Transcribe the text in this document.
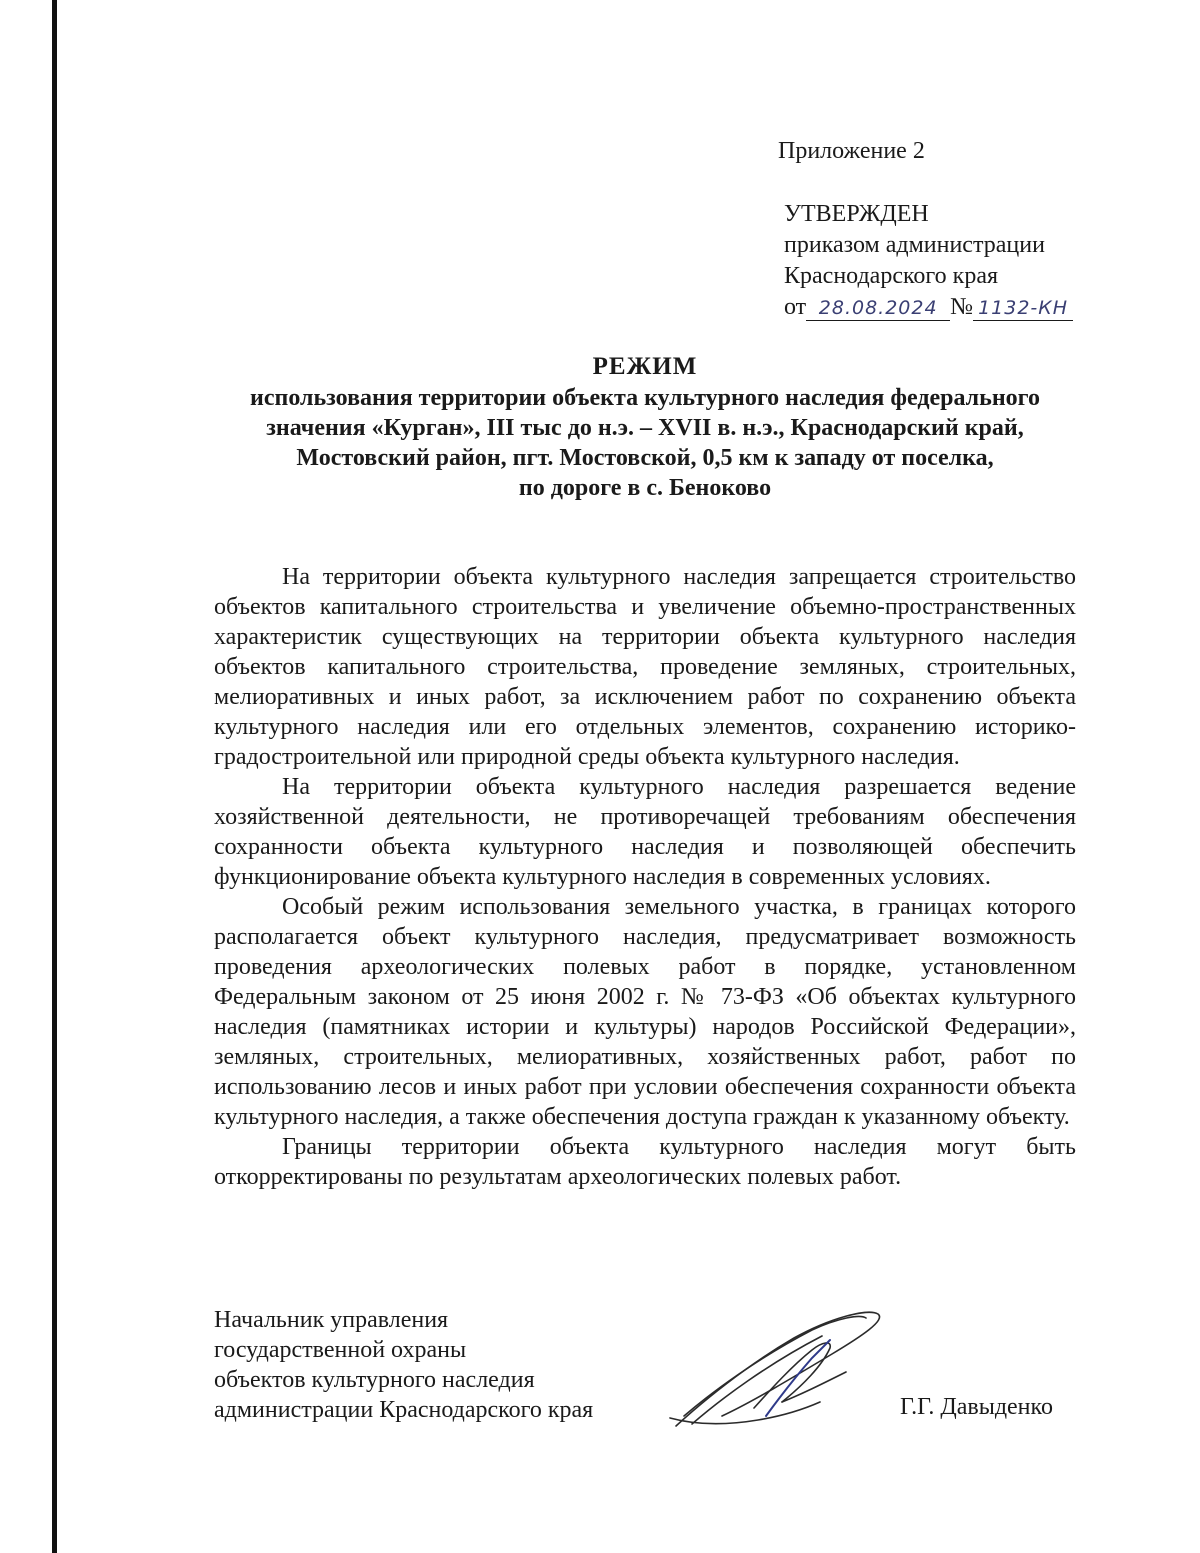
Приложение 2
УТВЕРЖДЕН
приказом администрации
Краснодарского края
от 28.08.2024 № 1132-КН
РЕЖИМ
использования территории объекта культурного наследия федерального
значения «Курган», III тыс до н.э. – XVII в. н.э., Краснодарский край,
Мостовский район, пгт. Мостовской, 0,5 км к западу от поселка,
по дороге в с. Беноково

На территории объекта культурного наследия запрещается строительство объектов капитального строительства и увеличение объемно-пространственных характеристик существующих на территории объекта культурного наследия объектов капитального строительства, проведение земляных, строительных, мелиоративных и иных работ, за исключением работ по сохранению объекта культурного наследия или его отдельных элементов, сохранению историко-градостроительной или природной среды объекта культурного наследия.

На территории объекта культурного наследия разрешается ведение хозяйственной деятельности, не противоречащей требованиям обеспечения сохранности объекта культурного наследия и позволяющей обеспечить функционирование объекта культурного наследия в современных условиях.

Особый режим использования земельного участка, в границах которого располагается объект культурного наследия, предусматривает возможность проведения археологических полевых работ в порядке, установленном Федеральным законом от 25 июня 2002 г. № 73-ФЗ «Об объектах культурного наследия (памятниках истории и культуры) народов Российской Федерации», земляных, строительных, мелиоративных, хозяйственных работ, работ по использованию лесов и иных работ при условии обеспечения сохранности объекта культурного наследия, а также обеспечения доступа граждан к указанному объекту.

Границы территории объекта культурного наследия могут быть откорректированы по результатам археологических полевых работ.

Начальник управления
государственной охраны
объектов культурного наследия
администрации Краснодарского края	Г.Г. Давыденко
